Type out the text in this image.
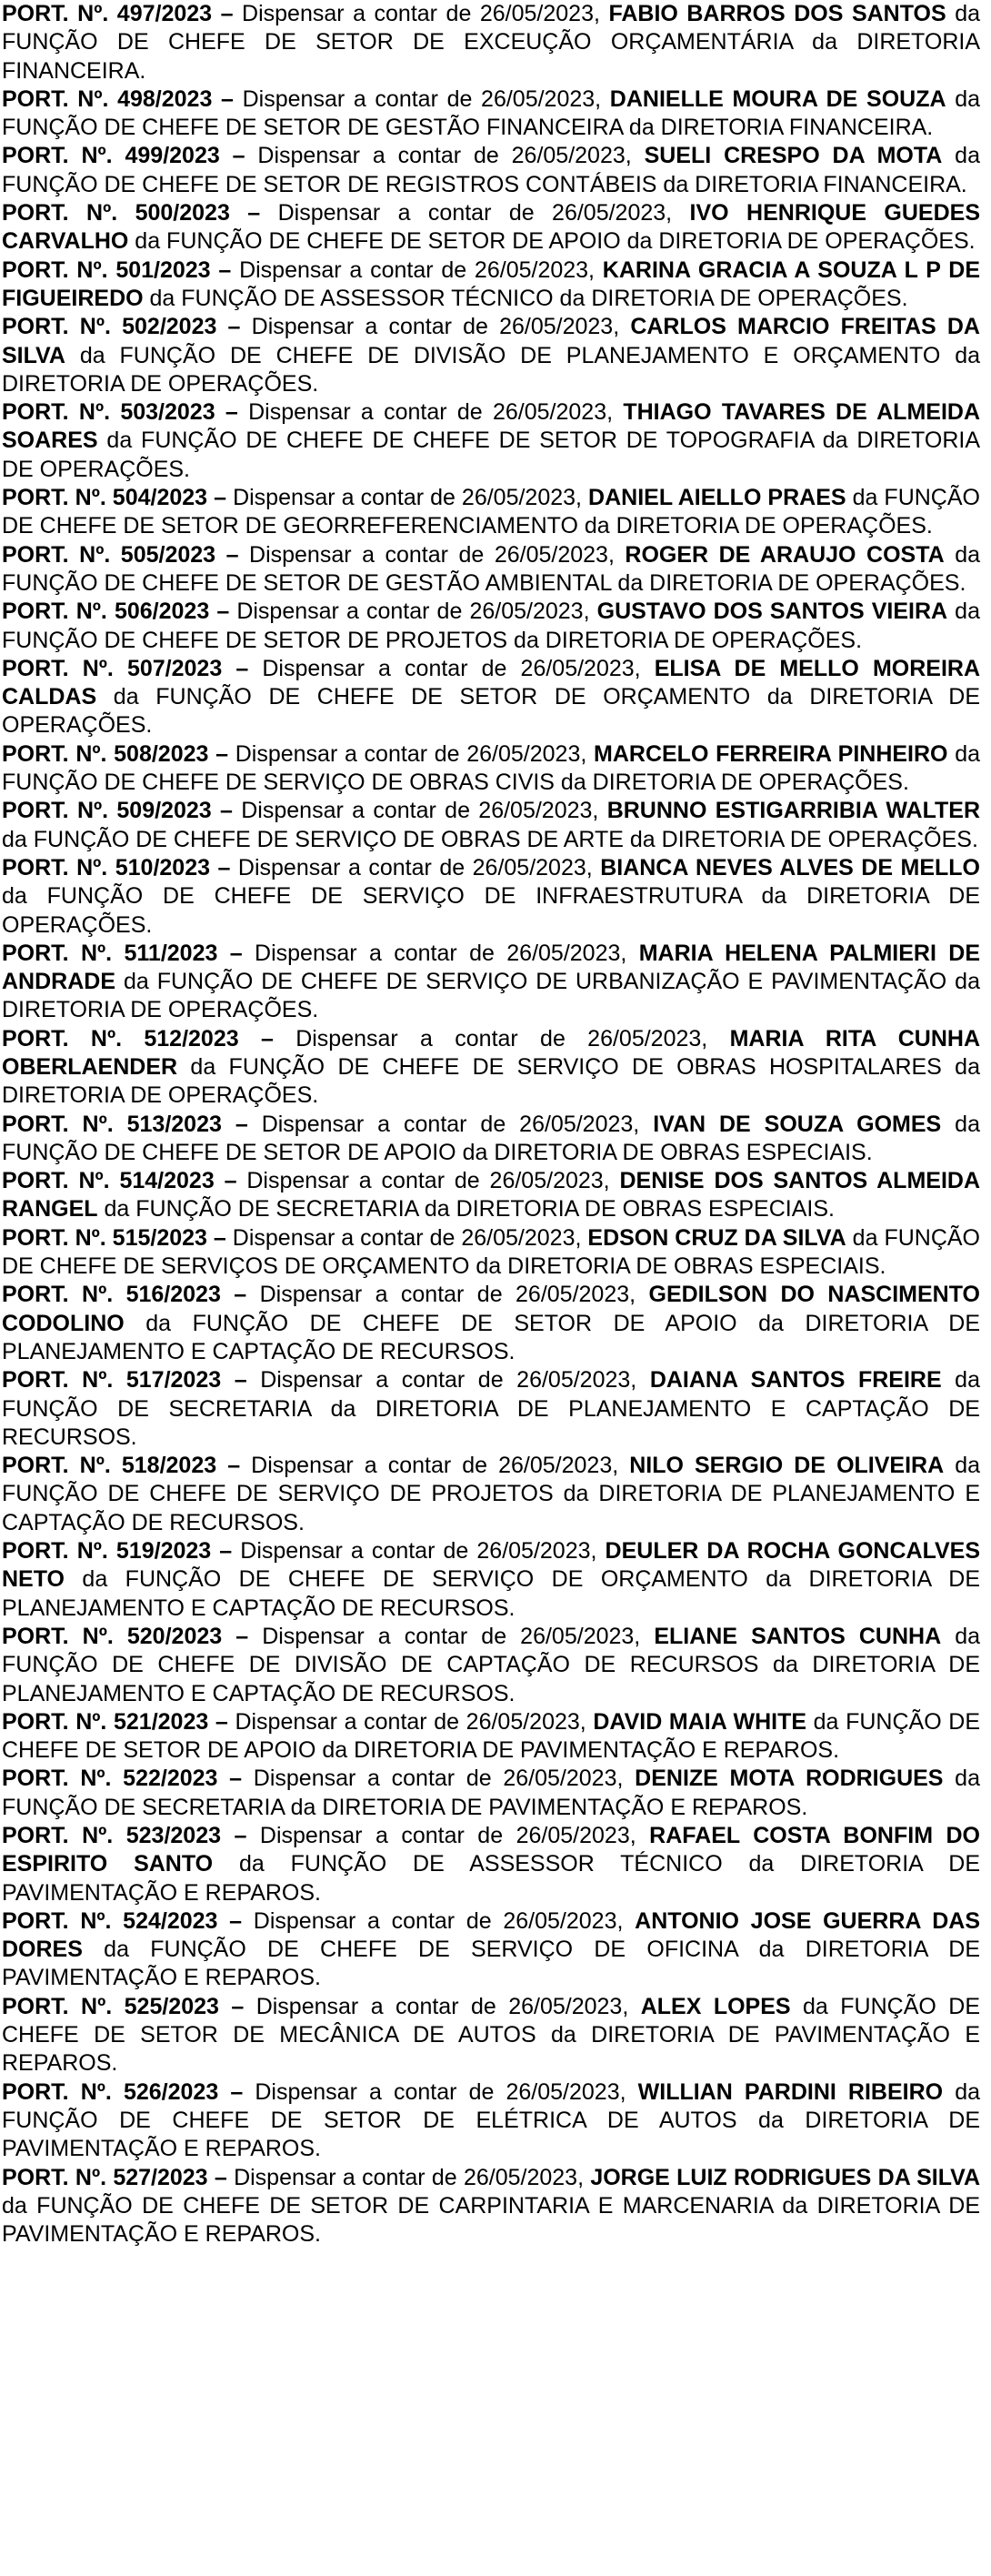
PORT. Nº. 497/2023 – Dispensar a contar de 26/05/2023, FABIO BARROS DOS SANTOS da FUNÇÃO DE CHEFE DE SETOR DE EXCEUÇÃO ORÇAMENTÁRIA da DIRETORIA FINANCEIRA.

PORT. Nº. 498/2023 – Dispensar a contar de 26/05/2023, DANIELLE MOURA DE SOUZA da FUNÇÃO DE CHEFE DE SETOR DE GESTÃO FINANCEIRA da DIRETORIA FINANCEIRA.

PORT. Nº. 499/2023 – Dispensar a contar de 26/05/2023, SUELI CRESPO DA MOTA da FUNÇÃO DE CHEFE DE SETOR DE REGISTROS CONTÁBEIS da DIRETORIA FINANCEIRA.

PORT. Nº. 500/2023 – Dispensar a contar de 26/05/2023, IVO HENRIQUE GUEDES CARVALHO da FUNÇÃO DE CHEFE DE SETOR DE APOIO da DIRETORIA DE OPERAÇÕES.

PORT. Nº. 501/2023 – Dispensar a contar de 26/05/2023, KARINA GRACIA A SOUZA L P DE FIGUEIREDO da FUNÇÃO DE ASSESSOR TÉCNICO da DIRETORIA DE OPERAÇÕES.

PORT. Nº. 502/2023 – Dispensar a contar de 26/05/2023, CARLOS MARCIO FREITAS DA SILVA da FUNÇÃO DE CHEFE DE DIVISÃO DE PLANEJAMENTO E ORÇAMENTO da DIRETORIA DE OPERAÇÕES.

PORT. Nº. 503/2023 – Dispensar a contar de 26/05/2023, THIAGO TAVARES DE ALMEIDA SOARES da FUNÇÃO DE CHEFE DE CHEFE DE SETOR DE TOPOGRAFIA da DIRETORIA DE OPERAÇÕES.

PORT. Nº. 504/2023 – Dispensar a contar de 26/05/2023, DANIEL AIELLO PRAES da FUNÇÃO DE CHEFE DE SETOR DE GEORREFERENCIAMENTO da DIRETORIA DE OPERAÇÕES.

PORT. Nº. 505/2023 – Dispensar a contar de 26/05/2023, ROGER DE ARAUJO COSTA da FUNÇÃO DE CHEFE DE SETOR DE GESTÃO AMBIENTAL da DIRETORIA DE OPERAÇÕES.

PORT. Nº. 506/2023 – Dispensar a contar de 26/05/2023, GUSTAVO DOS SANTOS VIEIRA da FUNÇÃO DE CHEFE DE SETOR DE PROJETOS da DIRETORIA DE OPERAÇÕES.

PORT. Nº. 507/2023 – Dispensar a contar de 26/05/2023, ELISA DE MELLO MOREIRA CALDAS da FUNÇÃO DE CHEFE DE SETOR DE ORÇAMENTO da DIRETORIA DE OPERAÇÕES.

PORT. Nº. 508/2023 – Dispensar a contar de 26/05/2023, MARCELO FERREIRA PINHEIRO da FUNÇÃO DE CHEFE DE SERVIÇO DE OBRAS CIVIS da DIRETORIA DE OPERAÇÕES.

PORT. Nº. 509/2023 – Dispensar a contar de 26/05/2023, BRUNNO ESTIGARRIBIA WALTER da FUNÇÃO DE CHEFE DE SERVIÇO DE OBRAS DE ARTE da DIRETORIA DE OPERAÇÕES.

PORT. Nº. 510/2023 – Dispensar a contar de 26/05/2023, BIANCA NEVES ALVES DE MELLO da FUNÇÃO DE CHEFE DE SERVIÇO DE INFRAESTRUTURA da DIRETORIA DE OPERAÇÕES.

PORT. Nº. 511/2023 – Dispensar a contar de 26/05/2023, MARIA HELENA PALMIERI DE ANDRADE da FUNÇÃO DE CHEFE DE SERVIÇO DE URBANIZAÇÃO E PAVIMENTAÇÃO da DIRETORIA DE OPERAÇÕES.

PORT. Nº. 512/2023 – Dispensar a contar de 26/05/2023, MARIA RITA CUNHA OBERLAENDER da FUNÇÃO DE CHEFE DE SERVIÇO DE OBRAS HOSPITALARES da DIRETORIA DE OPERAÇÕES.

PORT. Nº. 513/2023 – Dispensar a contar de 26/05/2023, IVAN DE SOUZA GOMES da FUNÇÃO DE CHEFE DE SETOR DE APOIO da DIRETORIA DE OBRAS ESPECIAIS.

PORT. Nº. 514/2023 – Dispensar a contar de 26/05/2023, DENISE DOS SANTOS ALMEIDA RANGEL da FUNÇÃO DE SECRETARIA da DIRETORIA DE OBRAS ESPECIAIS.

PORT. Nº. 515/2023 – Dispensar a contar de 26/05/2023, EDSON CRUZ DA SILVA da FUNÇÃO DE CHEFE DE SERVIÇOS DE ORÇAMENTO da DIRETORIA DE OBRAS ESPECIAIS.

PORT. Nº. 516/2023 – Dispensar a contar de 26/05/2023, GEDILSON DO NASCIMENTO CODOLINO da FUNÇÃO DE CHEFE DE SETOR DE APOIO da DIRETORIA DE PLANEJAMENTO E CAPTAÇÃO DE RECURSOS.

PORT. Nº. 517/2023 – Dispensar a contar de 26/05/2023, DAIANA SANTOS FREIRE da FUNÇÃO DE SECRETARIA da DIRETORIA DE PLANEJAMENTO E CAPTAÇÃO DE RECURSOS.

PORT. Nº. 518/2023 – Dispensar a contar de 26/05/2023, NILO SERGIO DE OLIVEIRA da FUNÇÃO DE CHEFE DE SERVIÇO DE PROJETOS da DIRETORIA DE PLANEJAMENTO E CAPTAÇÃO DE RECURSOS.

PORT. Nº. 519/2023 – Dispensar a contar de 26/05/2023, DEULER DA ROCHA GONCALVES NETO da FUNÇÃO DE CHEFE DE SERVIÇO DE ORÇAMENTO da DIRETORIA DE PLANEJAMENTO E CAPTAÇÃO DE RECURSOS.

PORT. Nº. 520/2023 – Dispensar a contar de 26/05/2023, ELIANE SANTOS CUNHA da FUNÇÃO DE CHEFE DE DIVISÃO DE CAPTAÇÃO DE RECURSOS da DIRETORIA DE PLANEJAMENTO E CAPTAÇÃO DE RECURSOS.

PORT. Nº. 521/2023 – Dispensar a contar de 26/05/2023, DAVID MAIA WHITE da FUNÇÃO DE CHEFE DE SETOR DE APOIO da DIRETORIA DE PAVIMENTAÇÃO E REPAROS.

PORT. Nº. 522/2023 – Dispensar a contar de 26/05/2023, DENIZE MOTA RODRIGUES da FUNÇÃO DE SECRETARIA da DIRETORIA DE PAVIMENTAÇÃO E REPAROS.

PORT. Nº. 523/2023 – Dispensar a contar de 26/05/2023, RAFAEL COSTA BONFIM DO ESPIRITO SANTO da FUNÇÃO DE ASSESSOR TÉCNICO da DIRETORIA DE PAVIMENTAÇÃO E REPAROS.

PORT. Nº. 524/2023 – Dispensar a contar de 26/05/2023, ANTONIO JOSE GUERRA DAS DORES da FUNÇÃO DE CHEFE DE SERVIÇO DE OFICINA da DIRETORIA DE PAVIMENTAÇÃO E REPAROS.

PORT. Nº. 525/2023 – Dispensar a contar de 26/05/2023, ALEX LOPES da FUNÇÃO DE CHEFE DE SETOR DE MECÂNICA DE AUTOS da DIRETORIA DE PAVIMENTAÇÃO E REPAROS.

PORT. Nº. 526/2023 – Dispensar a contar de 26/05/2023, WILLIAN PARDINI RIBEIRO da FUNÇÃO DE CHEFE DE SETOR DE ELÉTRICA DE AUTOS da DIRETORIA DE PAVIMENTAÇÃO E REPAROS.

PORT. Nº. 527/2023 – Dispensar a contar de 26/05/2023, JORGE LUIZ RODRIGUES DA SILVA da FUNÇÃO DE CHEFE DE SETOR DE CARPINTARIA E MARCENARIA da DIRETORIA DE PAVIMENTAÇÃO E REPAROS.
